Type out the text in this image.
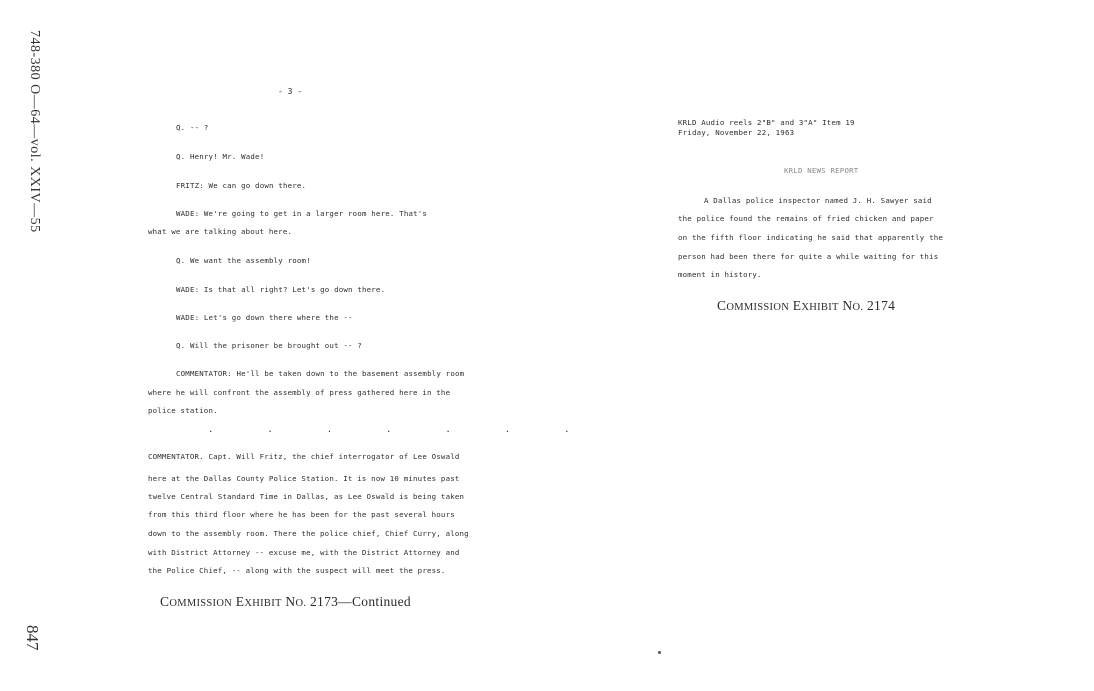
748-380 O—64—vol. XXIV—55
847
- 3 -
Q. -- ?
Q. Henry! Mr. Wade!
FRITZ: We can go down there.
WADE: We're going to get in a larger room here. That's
what we are talking about here.
Q. We want the assembly room!
WADE: Is that all right? Let's go down there.
WADE: Let's go down there where the --
Q. Will the prisoner be brought out -- ?
COMMENTATOR: He'll be taken down to the basement assembly room
where he will confront the assembly of press gathered here in the
police station.
.       .       .       .       .       .       .
COMMENTATOR. Capt. Will Fritz, the chief interrogator of Lee Oswald
here at the Dallas County Police Station. It is now 10 minutes past
twelve Central Standard Time in Dallas, as Lee Oswald is being taken
from this third floor where he has been for the past several hours
down to the assembly room. There the police chief, Chief Curry, along
with District Attorney -- excuse me, with the District Attorney and
the Police Chief, -- along with the suspect will meet the press.
COMMISSION EXHIBIT NO. 2173—Continued
KRLD Audio reels 2"B" and 3"A" Item 19
Friday, November 22, 1963
KRLD NEWS REPORT
A Dallas police inspector named J. H. Sawyer said
the police found the remains of fried chicken and paper
on the fifth floor indicating he said that apparently the
person had been there for quite a while waiting for this
moment in history.
COMMISSION EXHIBIT NO. 2174
